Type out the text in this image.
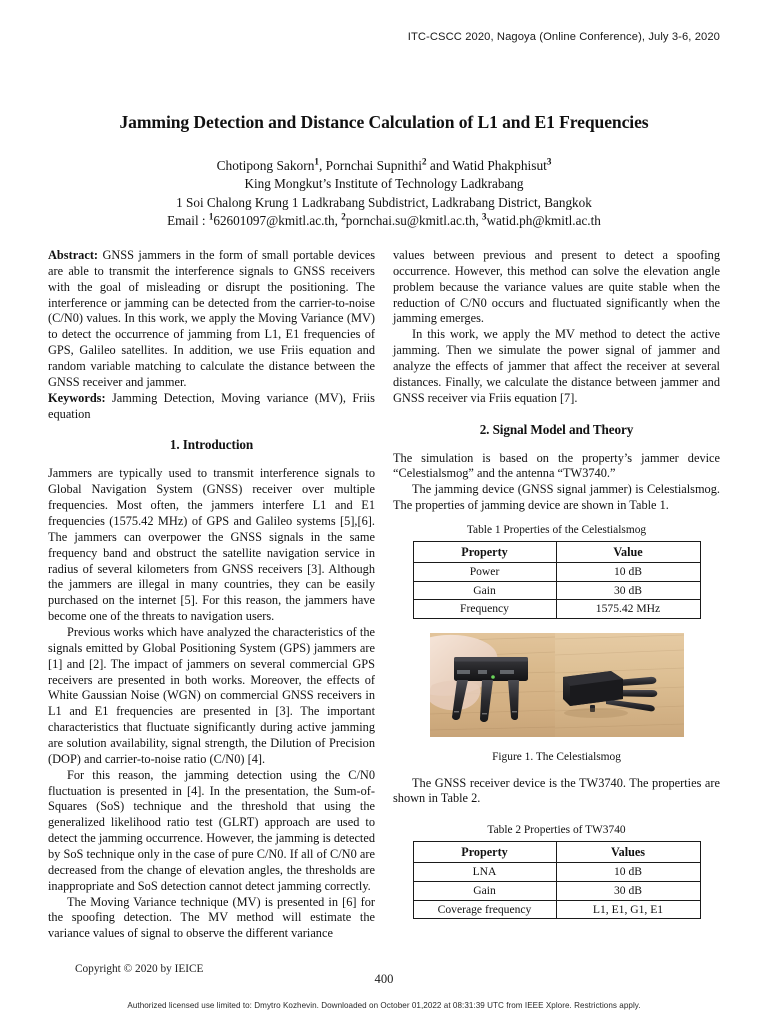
ITC-CSCC 2020, Nagoya (Online Conference), July 3-6, 2020
Jamming Detection and Distance Calculation of L1 and E1 Frequencies
Chotipong Sakorn$^1$, Pornchai Supnithi$^2$ and Watid Phakphisut$^3$
King Mongkut’s Institute of Technology Ladkrabang
1 Soi Chalong Krung 1 Ladkrabang Subdistrict, Ladkrabang District, Bangkok
Email : $^1$62601097@kmitl.ac.th, $^2$pornchai.su@kmitl.ac.th, $^3$watid.ph@kmitl.ac.th

Abstract: GNSS jammers in the form of small portable devices are able to transmit the interference signals to GNSS receivers with the goal of misleading or disrupt the positioning. The interference or jamming can be detected from the carrier-to-noise (C/N0) values. In this work, we apply the Moving Variance (MV) to detect the occurrence of jamming from L1, E1 frequencies of GPS, Galileo satellites. In addition, we use Friis equation and random variable matching to calculate the distance between the GNSS receiver and jammer.

Keywords: Jamming Detection, Moving variance (MV), Friis equation

1. Introduction

Jammers are typically used to transmit interference signals to Global Navigation System (GNSS) receiver over multiple frequencies. Most often, the jammers interfere L1 and E1 frequencies (1575.42 MHz) of GPS and Galileo systems [5],[6]. The jammers can overpower the GNSS signals in the same frequency band and obstruct the satellite navigation service in radius of several kilometers from GNSS receivers [3]. Although the jammers are illegal in many countries, they can be easily purchased on the internet [5]. For this reason, the jammers have become one of the threats to navigation users.

Previous works which have analyzed the characteristics of the signals emitted by Global Positioning System (GPS) jammers are [1] and [2]. The impact of jammers on several commercial GPS receivers are presented in both works. Moreover, the effects of White Gaussian Noise (WGN) on commercial GNSS receivers in L1 and E1 frequencies are presented in [3]. The important characteristics that fluctuate significantly during active jamming are solution availability, signal strength, the Dilution of Precision (DOP) and carrier-to-noise ratio (C/N0) [4].

For this reason, the jamming detection using the C/N0 fluctuation is presented in [4]. In the presentation, the Sum-of-Squares (SoS) technique and the threshold that using the generalized likelihood ratio test (GLRT) approach are used to detect the jamming occurrence. However, the jamming is detected by SoS technique only in the case of pure C/N0. If all of C/N0 are decreased from the change of elevation angles, the thresholds are inappropriate and SoS detection cannot detect jamming correctly.

The Moving Variance technique (MV) is presented in [6] for the spoofing detection. The MV method will estimate the variance values of signal to observe the different variance

values between previous and present to detect a spoofing occurrence. However, this method can solve the elevation angle problem because the variance values are quite stable when the reduction of C/N0 occurs and fluctuated significantly when the jamming emerges.

In this work, we apply the MV method to detect the active jamming. Then we simulate the power signal of jammer and analyze the effects of jammer that affect the receiver at several distances. Finally, we calculate the distance between jammer and GNSS receiver via Friis equation [7].

2. Signal Model and Theory

The simulation is based on the property’s jammer device “Celestialsmog” and the antenna “TW3740.”

The jamming device (GNSS signal jammer) is Celestialsmog. The properties of jamming device are shown in Table 1.

Table 1 Properties of the Celestialsmog
Property	Value
Power	10 dB
Gain	30 dB
Frequency	1575.42 MHz
Figure 1. The Celestialsmog

The GNSS receiver device is the TW3740. The properties are shown in Table 2.

Table 2 Properties of TW3740
Property	Values
LNA	10 dB
Gain	30 dB
Coverage frequency	L1, E1, G1, E1
Copyright © 2020 by IEICE
400
Authorized licensed use limited to: Dmytro Kozhevin. Downloaded on October 01,2022 at 08:31:39 UTC from IEEE Xplore. Restrictions apply.
